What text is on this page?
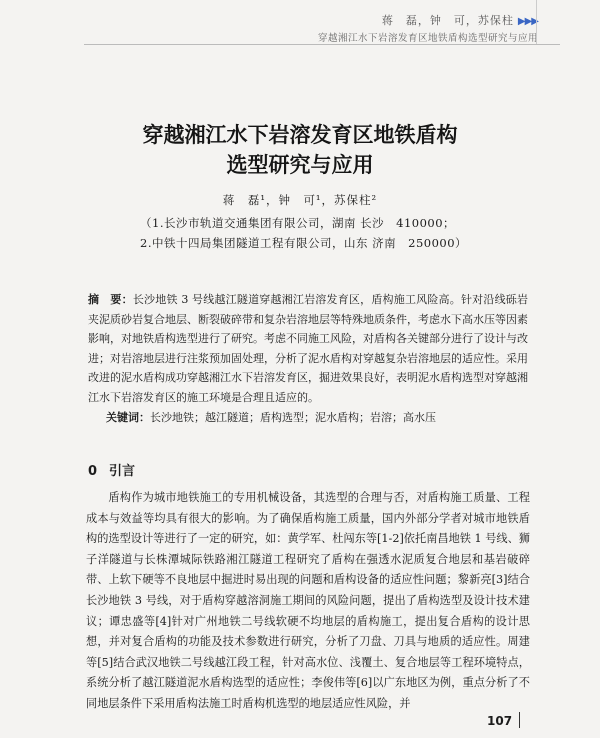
蒋　磊，钟　可，苏保柱 ▶▶▶
穿越湘江水下岩溶发育区地铁盾构选型研究与应用
穿越湘江水下岩溶发育区地铁盾构
选型研究与应用
蒋　磊¹，钟　可¹，苏保柱²
（1.长沙市轨道交通集团有限公司，湖南 长沙　410000；
2.中铁十四局集团隧道工程有限公司，山东 济南　250000）
摘　要：长沙地铁 3 号线越江隧道穿越湘江岩溶发育区，盾构施工风险高。针对沿线砾岩夹泥质砂岩复合地层、断裂破碎带和复杂岩溶地层等特殊地质条件，考虑水下高水压等因素影响，对地铁盾构选型进行了研究。考虑不同施工风险，对盾构各关键部分进行了设计与改进；对岩溶地层进行注浆预加固处理，分析了泥水盾构对穿越复杂岩溶地层的适应性。采用改进的泥水盾构成功穿越湘江水下岩溶发育区，掘进效果良好，表明泥水盾构选型对穿越湘江水下岩溶发育区的施工环境是合理且适应的。
关键词：长沙地铁；越江隧道；盾构选型；泥水盾构；岩溶；高水压
0 引言

盾构作为城市地铁施工的专用机械设备，其选型的合理与否，对盾构施工质量、工程成本与效益等均具有很大的影响。为了确保盾构施工质量，国内外部分学者对城市地铁盾构的选型设计等进行了一定的研究，如：黄学军、杜闯东等[1-2]依托南昌地铁 1 号线、狮子洋隧道与长株潭城际铁路湘江隧道工程研究了盾构在强透水泥质复合地层和基岩破碎带、上软下硬等不良地层中掘进时易出现的问题和盾构设备的适应性问题；黎新亮[3]结合长沙地铁 3 号线，对于盾构穿越溶洞施工期间的风险问题，提出了盾构选型及设计技术建议；谭忠盛等[4]针对广州地铁二号线软硬不均地层的盾构施工，提出复合盾构的设计思想，并对复合盾构的功能及技术参数进行研究，分析了刀盘、刀具与地质的适应性。周建等[5]结合武汉地铁二号线越江段工程，针对高水位、浅覆土、复合地层等工程环境特点，系统分析了越江隧道泥水盾构选型的适应性；李俊伟等[6]以广东地区为例，重点分析了不同地层条件下采用盾构法施工时盾构机选型的地层适应性风险，并

107
